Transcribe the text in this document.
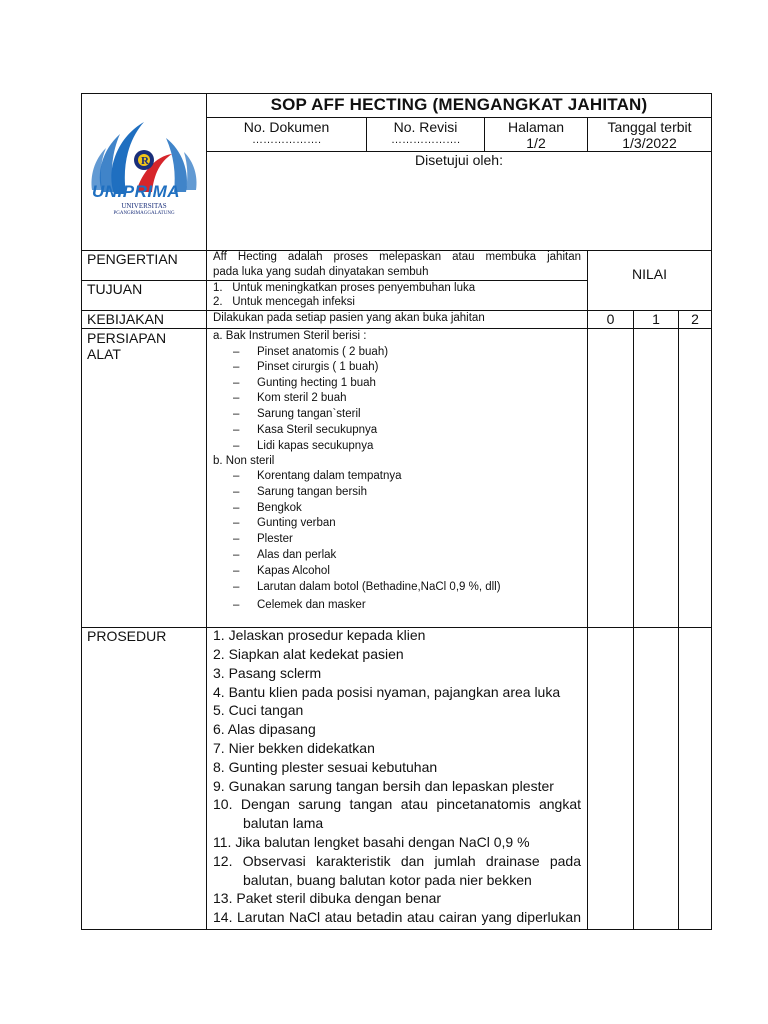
R
UNIPRIMA
UNIVERSITAS
PGANGRIMAGGALATUNG
SOP AFF HECTING (MENGANGKAT JAHITAN)
No. Dokumen
……………….
No. Revisi
……………….
Halaman
1/2
Tanggal terbit
1/3/2022
Disetujui oleh:
NILAI
0	1	2
PENGERTIAN
TUJUAN
KEBIJAKAN
PERSIAPAN
ALAT
PROSEDUR
Aff Hecting adalah proses melepaskan atau membuka jahitan
pada luka yang sudah dinyatakan sembuh
1.   Untuk meningkatkan proses penyembuhan luka
2.   Untuk mencegah infeksi
Dilakukan pada setiap pasien yang akan buka jahitan
a. Bak Instrumen Steril berisi :
– Pinset anatomis ( 2 buah)
– Pinset cirurgis ( 1 buah)
– Gunting hecting 1 buah
– Kom steril 2 buah
– Sarung tangan`steril
– Kasa Steril secukupnya
– Lidi kapas secukupnya
b. Non steril
– Korentang dalam tempatnya
– Sarung tangan bersih
– Bengkok
– Gunting verban
– Plester
– Alas dan perlak
– Kapas Alcohol
– Larutan dalam botol (Bethadine,NaCl 0,9 %, dll)
– Celemek dan masker
1. Jelaskan prosedur kepada klien
2. Siapkan alat kedekat pasien
3. Pasang sclerm
4. Bantu klien pada posisi nyaman, pajangkan area luka
5. Cuci tangan
6. Alas dipasang
7. Nier bekken didekatkan
8. Gunting plester sesuai kebutuhan
9. Gunakan sarung tangan bersih dan lepaskan plester
10. Dengan sarung tangan atau pincetanatomis angkat
balutan lama
11. Jika balutan lengket basahi dengan NaCl 0,9 %
12. Observasi karakteristik dan jumlah drainase pada
balutan, buang balutan kotor pada nier bekken
13. Paket steril dibuka dengan benar
14. Larutan NaCl atau betadin atau cairan yang diperlukan
